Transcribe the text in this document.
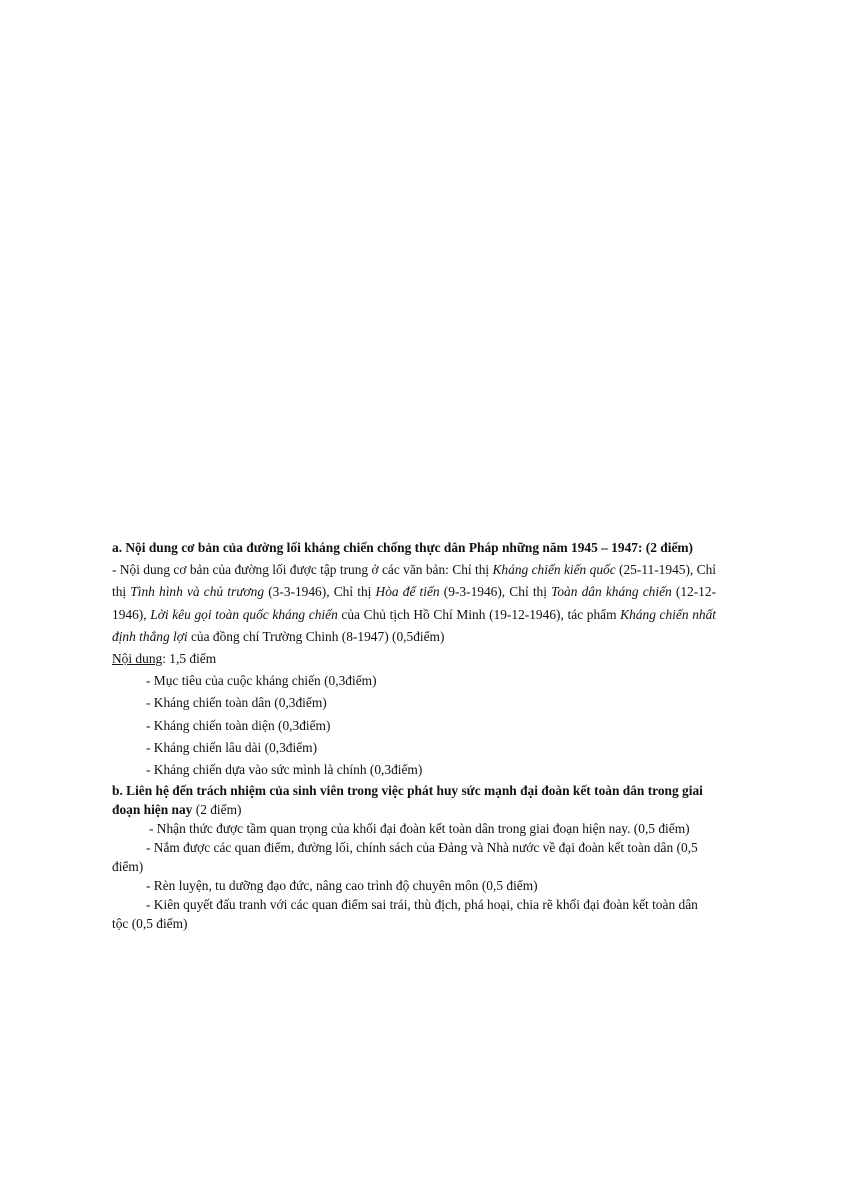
a. Nội dung cơ bản của đường lối kháng chiến chống thực dân Pháp những năm 1945 – 1947: (2 điểm)

- Nội dung cơ bản của đường lối được tập trung ở các văn bản: Chỉ thị Kháng chiến kiến quốc (25-11-1945), Chỉ thị Tình hình và chủ trương (3-3-1946), Chỉ thị Hòa để tiến (9-3-1946), Chỉ thị Toàn dân kháng chiến (12-12-1946), Lời kêu gọi toàn quốc kháng chiến của Chủ tịch Hồ Chí Minh (19-12-1946), tác phẩm Kháng chiến nhất định thắng lợi của đồng chí Trường Chinh (8-1947) (0,5điểm)

Nội dung: 1,5 điểm

- Mục tiêu của cuộc kháng chiến (0,3điểm)

- Kháng chiến toàn dân (0,3điểm)

- Kháng chiến toàn diện (0,3điểm)

- Kháng chiến lâu dài (0,3điểm)

- Kháng chiến dựa vào sức mình là chính (0,3điểm)

b. Liên hệ đến trách nhiệm của sinh viên trong việc phát huy sức mạnh đại đoàn kết toàn dân trong giai đoạn hiện nay (2 điểm)

- Nhận thức được tầm quan trọng của khối đại đoàn kết toàn dân trong giai đoạn hiện nay. (0,5 điểm)

- Nắm được các quan điểm, đường lối, chính sách của Đảng và Nhà nước về đại đoàn kết toàn dân (0,5 điểm)

- Rèn luyện, tu dưỡng đạo đức, nâng cao trình độ chuyên môn (0,5 điểm)

- Kiên quyết đấu tranh với các quan điểm sai trái, thù địch, phá hoại, chia rẽ khối đại đoàn kết toàn dân tộc (0,5 điểm)
